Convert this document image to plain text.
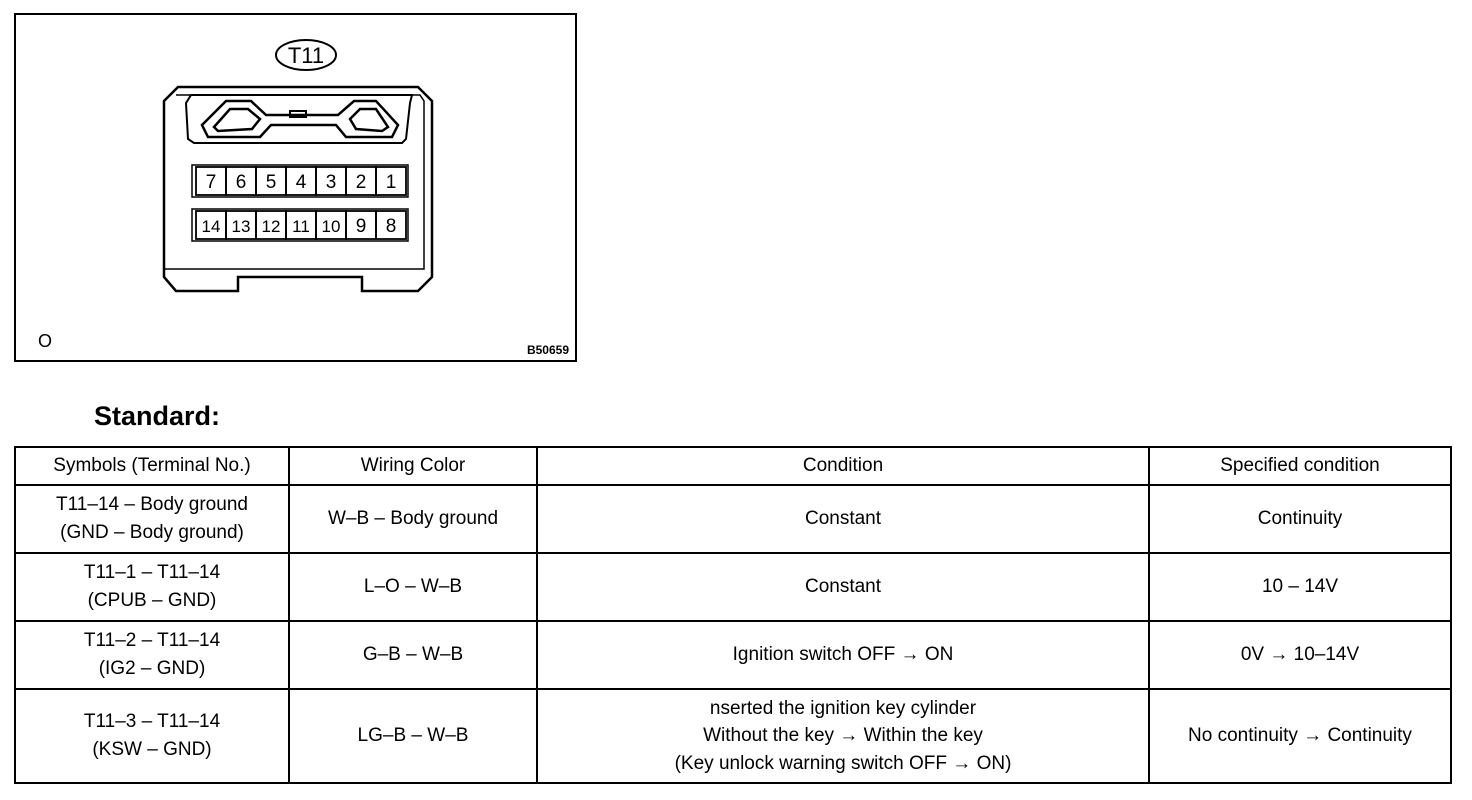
T11
7 6 5 4 3 2 1
14 13 12 11 10 9 8
O	B50659
Standard:
Symbols (Terminal No.)	Wiring Color	Condition	Specified condition

T11–14 – Body ground
(GND – Body ground)	W–B – Body ground	Constant	Continuity

T11–1 – T11–14
(CPUB – GND)	L–O – W–B	Constant	10 – 14V

T11–2 – T11–14
(IG2 – GND)	G–B – W–B	Ignition switch OFF → ON	0V → 10–14V

T11–3 – T11–14
(KSW – GND)	LG–B – W–B	nserted the ignition key cylinder
Without the key → Within the key
(Key unlock warning switch OFF → ON)	No continuity → Continuity
